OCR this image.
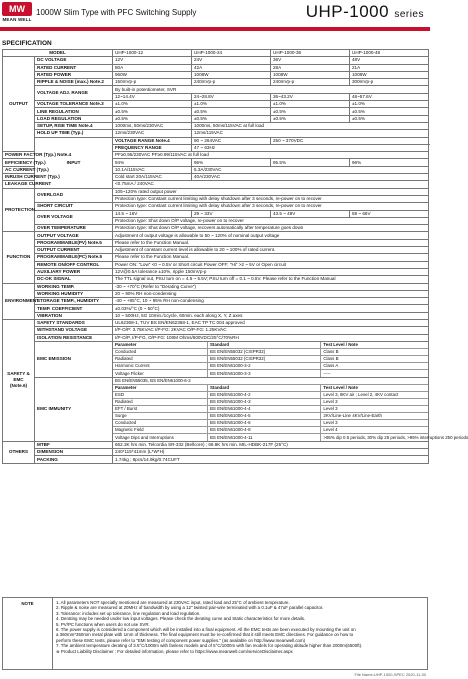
MW
MEAN WELL
1000W Slim Type with PFC Switching Supply	UHP-1000 series
SPECIFICATION
MODEL	UHP-1000-12	UHP-1000-24	UHP-1000-36	UHP-1000-48
OUTPUT	DC VOLTAGE	12V	24V	36V	48V
RATED CURRENT	80A	42A	28A	21A
RATED POWER	960W	1008W	1008W	1008W
RIPPLE & NOISE (max.) Note.2	150mVp-p	240mVp-p	240mVp-p	300mVp-p
VOLTAGE ADJ. RANGE	By built-in potentiometer, SVR
12~14.4V	24~28.8V	36~43.2V	48~57.6V
VOLTAGE TOLERANCE Note.3	±1.0%	±1.0%	±1.0%	±1.0%
LINE REGULATION	±0.5%	±0.5%	±0.5%	±0.5%
LOAD REGULATION	±0.5%	±0.5%	±0.5%	±0.5%
SETUP, RISE TIME Note.4	1000ms, 50ms/230VAC	1000ms, 50ms/115VAC at full load
HOLD UP TIME (Typ.)	12ms/230VAC	12ms/115VAC
INPUT	VOLTAGE RANGE Note.4	90 ~ 264VAC	250 ~ 370VDC
FREQUENCY RANGE	47 ~ 63Hz
POWER FACTOR (Typ.) Note.4	PF≥0.95/230VAC PF≥0.99/115VAC at full load
EFFICIENCY (Typ.)	94%	95%	95.5%	96%
AC CURRENT (Typ.)	10.1A/115VAC	5.3A/230VAC
INRUSH CURRENT (Typ.)	Cold start 20A/115VAC	40A/230VAC
LEAKAGE CURRENT	<0.75mA / 240VAC
PROTECTION	OVERLOAD	105~120% rated output power
Protection type: Constant current limiting with delay shutdown after 3 seconds, re-power on to recover
SHORT CIRCUIT	Protection type: Constant current limiting with delay shutdown after 3 seconds, re-power on to recover
OVER VOLTAGE	14.5 ~ 16V	29 ~ 33V	43.5 ~ 49V	59 ~ 66V
Protection type: Shut down O/P voltage, re-power on to recover
OVER TEMPERATURE	Protection type: Shut down O/P voltage, recovers automatically after temperature goes down
FUNCTION	OUTPUT VOLTAGE	Adjustment of output voltage is allowable to 50 ~ 120% of nominal output voltage
PROGRAMMABLE(PV) Note.5	Please refer to the Function Manual.
OUTPUT CURRENT	Adjustment of constant current level is allowable to 20 ~ 100% of rated current.
PROGRAMMABLE(PC) Note.5	Please refer to the Function Manual.
REMOTE ON/OFF CONTROL	Power ON: "Low" <0 ~ 0.5V or Short circuit Power OFF: "Hi" >2 ~ 5V or Open circuit
AUXILIARY POWER	12V@0.5A tolerance ±10%, ripple 150mVp-p
DC-OK SIGNAL	The TTL signal out, PSU turn on = 4.5 ~ 5.5V; PSU turn off = 0.1 ~ 0.5V. Please refer to the Function Manual
ENVIRONMENT	WORKING TEMP.	-30 ~ +70°C (Refer to "Derating Curve")
WORKING HUMIDITY	20 ~ 90% RH non-condensing
STORAGE TEMP., HUMIDITY	-40 ~ +85°C, 10 ~ 95% RH non-condensing
TEMP. COEFFICIENT	±0.03%/°C (0 ~ 50°C)
VIBRATION	10 ~ 500Hz, 5G 10min./1cycle, 60min. each along X, Y, Z axes

SAFETY &
EMC
(Note.6)
	SAFETY STANDARDS	UL62368-1, TUV BS EN/EN62368-1, EAC TP TC 004 approved
WITHSTAND VOLTAGE	I/P-O/P: 3.75KVAC I/P-FG: 2KVAC O/P-FG: 1.25KVAC
ISOLATION RESISTANCE	I/P-O/P, I/P-FG, O/P-FG: 100M Ohms/500VDC/25°C/70%RH
EMC EMISSION	
Parameter	Standard	Test Level / Note
Conducted	BS EN/EN55032 (CISPR32)	Class B
Radiated	BS EN/EN55032 (CISPR32)	Class B
Harmonic Current	BS EN/EN61000-3-2	Class A
Voltage Flicker	BS EN/EN61000-3-3	-----

EMC IMMUNITY	
BS EN/EN55035, BS EN/EN61000-6-2
Parameter	Standard	Test Level / Note
ESD	BS EN/EN61000-4-2	Level 3, 8KV air ; Level 2, 4KV contact
Radiated	BS EN/EN61000-4-3	Level 3
EFT / Burst	BS EN/EN61000-4-4	Level 3
Surge	BS EN/EN61000-4-5	2KV/Line-Line 4KV/Line-Earth
Conducted	BS EN/EN61000-4-6	Level 3
Magnetic Field	BS EN/EN61000-4-8	Level 4
Voltage Dips and Interruptions	BS EN/EN61000-4-11	>95% dip 0.5 periods, 30% dip 25 periods, >95% interruptions 250 periods

OTHERS	MTBF	662.3K hrs min. Telcordia SR-332 (Bellcore) ; 69.8K hrs min. MIL-HDBK-217F (25°C)
DIMENSION	240*115*41mm (L*W*H)
PACKING	1.74kg ; 8pcs/14.9kg/0.74CUFT
NOTE	1. All parameters NOT specially mentioned are measured at 230VAC input, rated load and 25°C of ambient temperature.
2. Ripple & noise are measured at 20MHz of bandwidth by using a 12" twisted pair-wire terminated with a 0.1uF & 47uF parallel capacitor.
3. Tolerance: includes set up tolerance, line regulation and load regulation.
4. Derating may be needed under low input voltages. Please check the derating curve and Static characteristics for more details.
5. PV/PC functions when users do not use SVR.
6. The power supply is considered a component which will be installed into a final equipment. All the EMC tests are been executed by mounting the unit on
a 360mm*360mm metal plate with 1mm of thickness. The final equipment must be re-confirmed that it still meets EMC directives. For guidance on how to
perform these EMC tests, please refer to "EMI testing of component power supplies." (as available on http://www.meanwell.com)
7. The ambient temperature derating of 3.5°C/1000m with fanless models and of 5°C/1000m with fan models for operating altitude higher than 2000m(6500ft).
※ Product Liability Disclaimer : For detailed information, please refer to https://www.meanwell.com/serviceDisclaimer.aspx
File Name:UHP-1000-SPEC 2020-11-30
